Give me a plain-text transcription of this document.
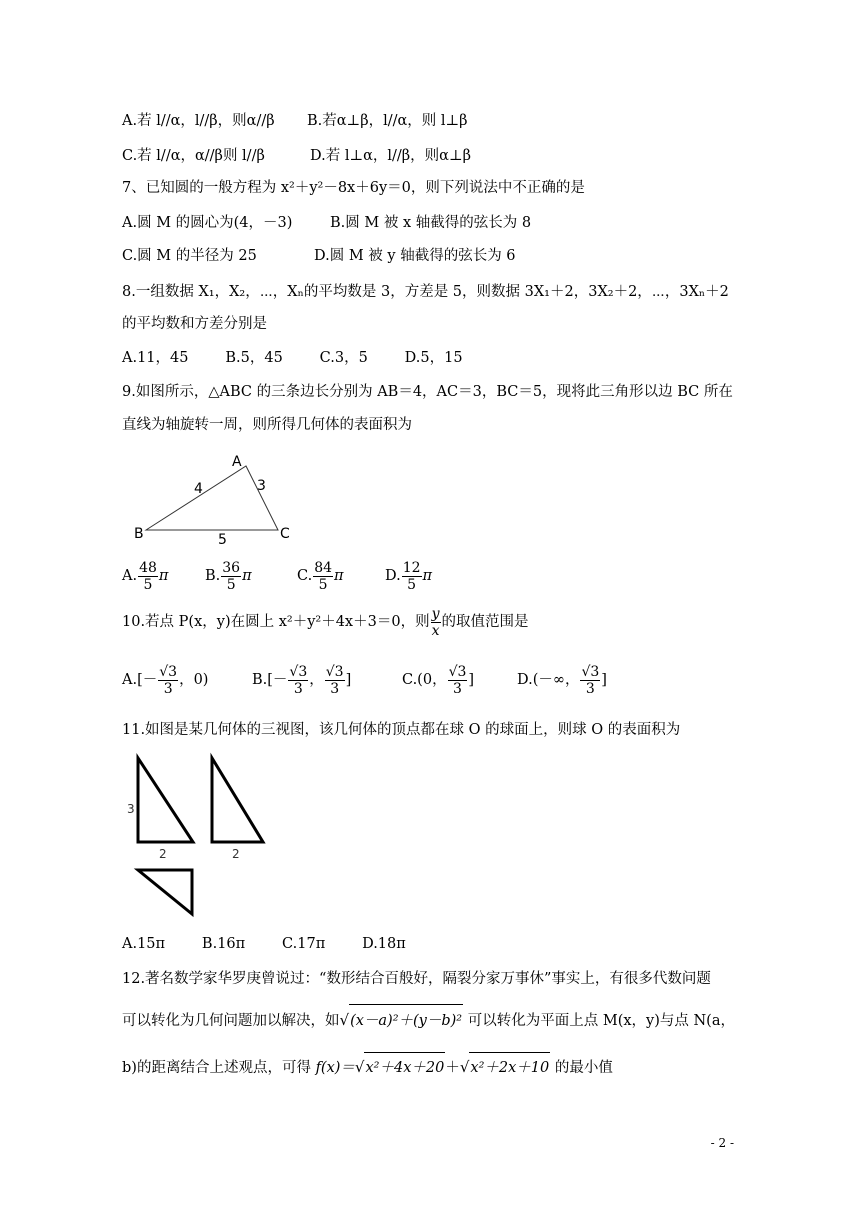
A.若 l//α，l//β，则α//β B.若α⊥β，l//α，则 l⊥β
C.若 l//α，α//β则 l//β	D.若 l⊥α，l//β，则α⊥β
7、已知圆的一般方程为 x²＋y²－8x＋6y＝0，则下列说法中不正确的是
A.圆 M 的圆心为(4，－3)	B.圆 M 被 x 轴截得的弦长为 8
C.圆 M 的半径为 25	D.圆 M 被 y 轴截得的弦长为 6
8.一组数据 X₁，X₂，⋯，Xₙ的平均数是 3，方差是 5，则数据 3X₁＋2，3X₂＋2，⋯，3Xₙ＋2
的平均数和方差分别是
A.11，45        B.5，45        C.3，5        D.5，15
9.如图所示，△ABC 的三条边长分别为 AB＝4，AC＝3，BC＝5，现将此三角形以边 BC 所在
直线为轴旋转一周，则所得几何体的表面积为
A
B	C
4	3
5
A. $\frac{48}{5}$ π	B. $\frac{36}{5}$ π	C. $\frac{84}{5}$ π	D. $\frac{12}{5}$ π
10.若点 P(x，y)在圆上 x²＋y²＋4x＋3＝0，则 $\frac{y}{x}$ 的取值范围是
$A.[- \frac{√3}{3}$ ，0)	$B.[- \frac{√3}{3}$ ， $\frac{√3}{3}$ ]	C.(0， $\frac{√3}{3}$ ]	D.(－∞， $\frac{√3}{3}$ ]
11.如图是某几何体的三视图，该几何体的顶点都在球 O 的球面上，则球 O 的表面积为
3
2	2
A.15π        B.16π        C.17π        D.18π
12.著名数学家华罗庚曾说过：“数形结合百般好，隔裂分家万事休”事实上，有很多代数问题
可以转化为几何问题加以解决，如√(x－a)²＋(y－b)² 可以转化为平面上点 M(x，y)与点 N(a，
b)的距离结合上述观点，可得 f(x)＝√x²＋4x＋20＋√x²＋2x＋10 的最小值
- 2 -
